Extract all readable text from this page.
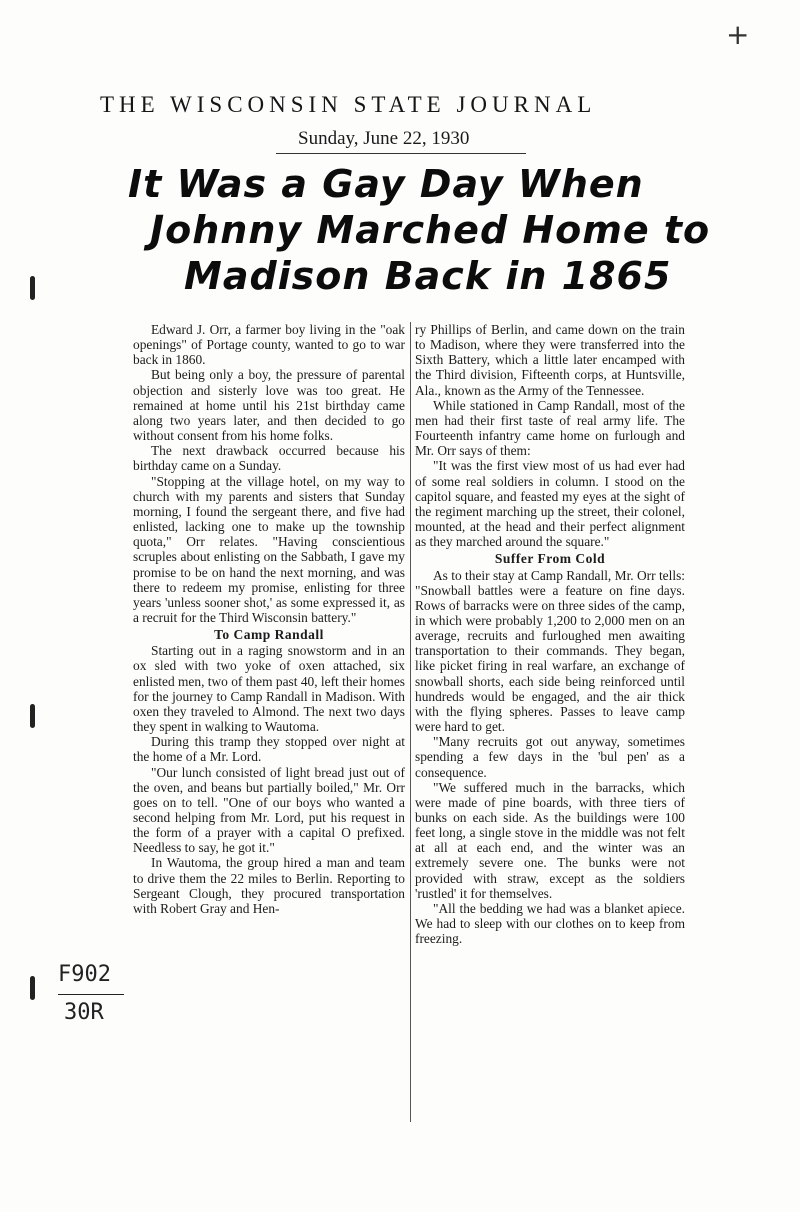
+
THE WISCONSIN STATE JOURNAL
Sunday, June 22, 1930
It Was a Gay Day When
Johnny Marched Home to
Madison Back in 1865

Edward J. Orr, a farmer boy living in the "oak openings" of Portage county, wanted to go to war back in 1860.

But being only a boy, the pressure of parental objection and sisterly love was too great. He remained at home until his 21st birthday came along two years later, and then decided to go without consent from his home folks.

The next drawback occurred because his birthday came on a Sunday.

"Stopping at the village hotel, on my way to church with my parents and sisters that Sunday morning, I found the sergeant there, and five had enlisted, lacking one to make up the township quota," Orr relates. "Having conscientious scruples about enlisting on the Sabbath, I gave my promise to be on hand the next morning, and was there to redeem my promise, enlisting for three years 'unless sooner shot,' as some expressed it, as a recruit for the Third Wisconsin battery."

To Camp Randall

Starting out in a raging snowstorm and in an ox sled with two yoke of oxen attached, six enlisted men, two of them past 40, left their homes for the journey to Camp Randall in Madison. With oxen they traveled to Almond. The next two days they spent in walking to Wautoma.

During this tramp they stopped over night at the home of a Mr. Lord.

"Our lunch consisted of light bread just out of the oven, and beans but partially boiled," Mr. Orr goes on to tell. "One of our boys who wanted a second helping from Mr. Lord, put his request in the form of a prayer with a capital O prefixed. Needless to say, he got it."

In Wautoma, the group hired a man and team to drive them the 22 miles to Berlin. Reporting to Sergeant Clough, they procured transportation with Robert Gray and Hen-

ry Phillips of Berlin, and came down on the train to Madison, where they were transferred into the Sixth Battery, which a little later encamped with the Third division, Fifteenth corps, at Huntsville, Ala., known as the Army of the Tennessee.

While stationed in Camp Randall, most of the men had their first taste of real army life. The Fourteenth infantry came home on furlough and Mr. Orr says of them:

"It was the first view most of us had ever had of some real soldiers in column. I stood on the capitol square, and feasted my eyes at the sight of the regiment marching up the street, their colonel, mounted, at the head and their perfect alignment as they marched around the square."

Suffer From Cold

As to their stay at Camp Randall, Mr. Orr tells: "Snowball battles were a feature on fine days. Rows of barracks were on three sides of the camp, in which were probably 1,200 to 2,000 men on an average, recruits and furloughed men awaiting transportation to their commands. They began, like picket firing in real warfare, an exchange of snowball shorts, each side being reinforced until hundreds would be engaged, and the air thick with the flying spheres. Passes to leave camp were hard to get.

"Many recruits got out anyway, sometimes spending a few days in the 'bul pen' as a consequence.

"We suffered much in the barracks, which were made of pine boards, with three tiers of bunks on each side. As the buildings were 100 feet long, a single stove in the middle was not felt at all at each end, and the winter was an extremely severe one. The bunks were not provided with straw, except as the soldiers 'rustled' it for themselves.

"All the bedding we had was a blanket apiece. We had to sleep with our clothes on to keep from freezing.

F902
30R
